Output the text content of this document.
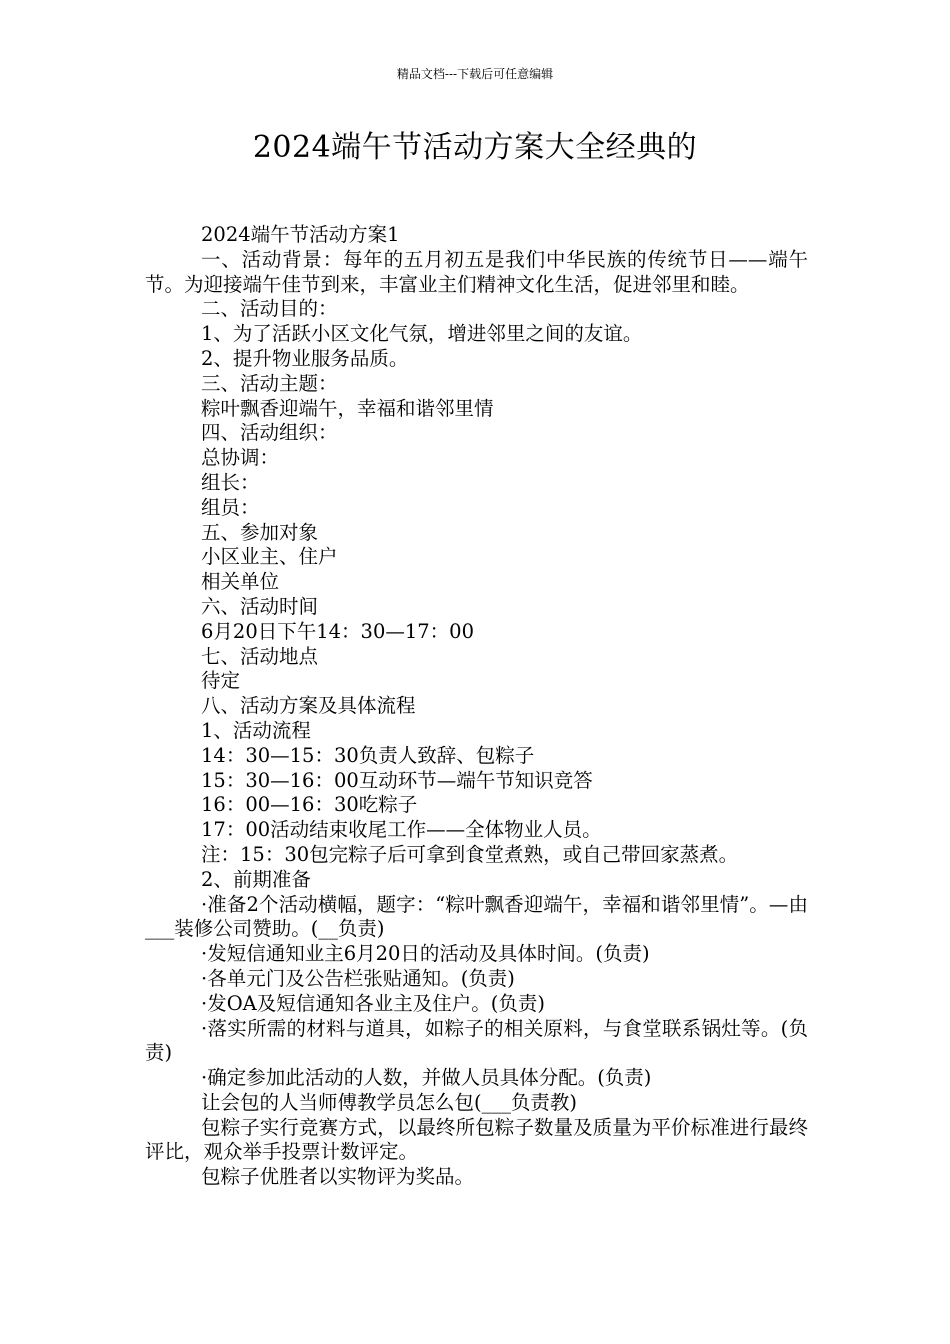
精品文档---下载后可任意编辑
2024端午节活动方案大全经典的

2024端午节活动方案1

一、活动背景：每年的五月初五是我们中华民族的传统节日——端午节。为迎接端午佳节到来，丰富业主们精神文化生活，促进邻里和睦。

二、活动目的：

1、为了活跃小区文化气氛，增进邻里之间的友谊。

2、提升物业服务品质。

三、活动主题：

粽叶飘香迎端午，幸福和谐邻里情

四、活动组织：

总协调：

组长：

组员：

五、参加对象

小区业主、住户

相关单位

六、活动时间

6月20日下午14：30—17：00

七、活动地点

待定

八、活动方案及具体流程

1、活动流程

14：30—15：30负责人致辞、包粽子

15：30—16：00互动环节—端午节知识竞答

16：00—16：30吃粽子

17：00活动结束收尾工作——全体物业人员。

注：15：30包完粽子后可拿到食堂煮熟，或自己带回家蒸煮。

2、前期准备

·准备2个活动横幅，题字：“粽叶飘香迎端午，幸福和谐邻里情”。—由___装修公司赞助。(__负责)

·发短信通知业主6月20日的活动及具体时间。(负责)

·各单元门及公告栏张贴通知。(负责)

·发OA及短信通知各业主及住户。(负责)

·落实所需的材料与道具，如粽子的相关原料，与食堂联系锅灶等。(负责)

·确定参加此活动的人数，并做人员具体分配。(负责)

让会包的人当师傅教学员怎么包(___负责教)

包粽子实行竞赛方式，以最终所包粽子数量及质量为平价标准进行最终评比，观众举手投票计数评定。

包粽子优胜者以实物评为奖品。
